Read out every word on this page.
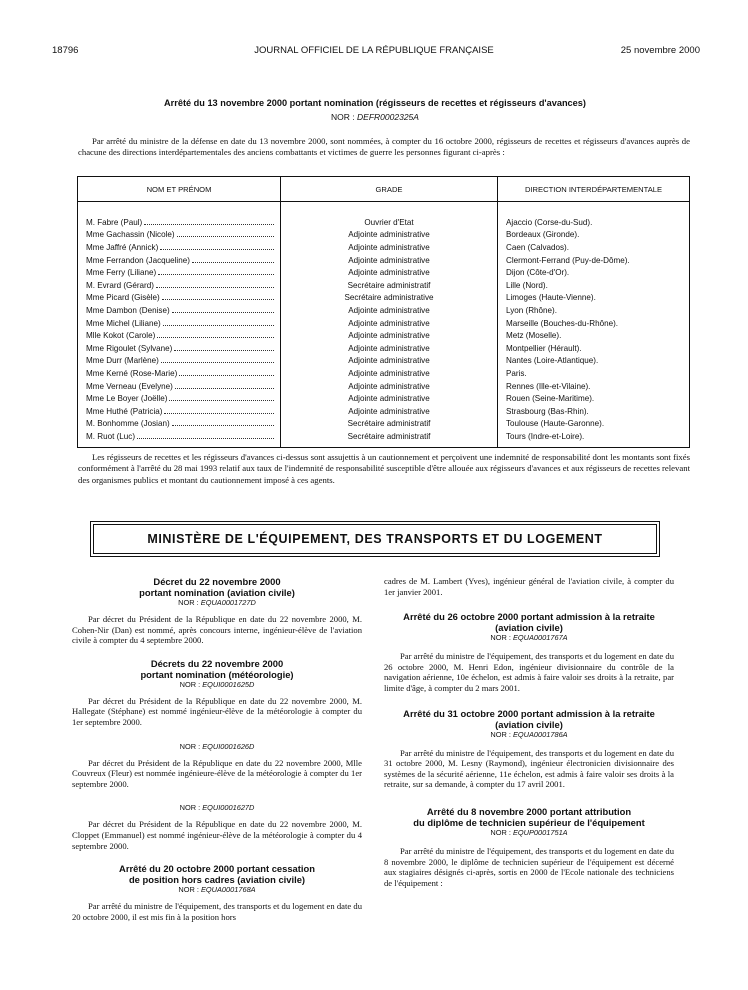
18796	JOURNAL OFFICIEL DE LA RÉPUBLIQUE FRANÇAISE	25 novembre 2000
Arrêté du 13 novembre 2000 portant nomination (régisseurs de recettes et régisseurs d'avances)
NOR : DEFR0002325A
Par arrêté du ministre de la défense en date du 13 novembre 2000, sont nommées, à compter du 16 octobre 2000, régisseurs de recettes et régisseurs d'avances auprès de chacune des directions interdépartementales des anciens combattants et victimes de guerre les personnes figurant ci-après :
NOM ET PRÉNOM	GRADE	DIRECTION INTERDÉPARTEMENTALE

M. Fabre (Paul)	Ouvrier d'Etat	Ajaccio (Corse-du-Sud).

Mme Gachassin (Nicole)	Adjointe administrative	Bordeaux (Gironde).

Mme Jaffré (Annick)	Adjointe administrative	Caen (Calvados).

Mme Ferrandon (Jacqueline)	Adjointe administrative	Clermont-Ferrand (Puy-de-Dôme).

Mme Ferry (Liliane)	Adjointe administrative	Dijon (Côte-d'Or).

M. Evrard (Gérard)	Secrétaire administratif	Lille (Nord).

Mme Picard (Gisèle)	Secrétaire administrative	Limoges (Haute-Vienne).

Mme Dambon (Denise)	Adjointe administrative	Lyon (Rhône).

Mme Michel (Liliane)	Adjointe administrative	Marseille (Bouches-du-Rhône).

Mlle Kokot (Carole)	Adjointe administrative	Metz (Moselle).

Mme Rigoulet (Sylvane)	Adjointe administrative	Montpellier (Hérault).

Mme Durr (Marlène)	Adjointe administrative	Nantes (Loire-Atlantique).

Mme Kerné (Rose-Marie)	Adjointe administrative	Paris.

Mme Verneau (Evelyne)	Adjointe administrative	Rennes (Ille-et-Vilaine).

Mme Le Boyer (Joëlle)	Adjointe administrative	Rouen (Seine-Maritime).

Mme Huthé (Patricia)	Adjointe administrative	Strasbourg (Bas-Rhin).

M. Bonhomme (Josian)	Secrétaire administratif	Toulouse (Haute-Garonne).

M. Ruot (Luc)	Secrétaire administratif	Tours (Indre-et-Loire).
Les régisseurs de recettes et les régisseurs d'avances ci-dessus sont assujettis à un cautionnement et perçoivent une indemnité de responsabilité dont les montants sont fixés conformément à l'arrêté du 28 mai 1993 relatif aux taux de l'indemnité de responsabilité susceptible d'être allouée aux régisseurs d'avances et aux régisseurs de recettes relevant des organismes publics et montant du cautionnement imposé à ces agents.
MINISTÈRE DE L'ÉQUIPEMENT, DES TRANSPORTS ET DU LOGEMENT
Décret du 22 novembre 2000
portant nomination (aviation civile)
NOR : EQUA0001727D
Par décret du Président de la République en date du 22 novembre 2000, M. Cohen-Nir (Dan) est nommé, après concours interne, ingénieur-élève de l'aviation civile à compter du 4 septembre 2000.
Décrets du 22 novembre 2000
portant nomination (météorologie)
NOR : EQUI0001625D
Par décret du Président de la République en date du 22 novembre 2000, M. Hallegate (Stéphane) est nommé ingénieur-élève de la météorologie à compter du 1er septembre 2000.
NOR : EQUI0001626D
Par décret du Président de la République en date du 22 novembre 2000, Mlle Couvreux (Fleur) est nommée ingénieure-élève de la météorologie à compter du 1er septembre 2000.
NOR : EQUI0001627D
Par décret du Président de la République en date du 22 novembre 2000, M. Cloppet (Emmanuel) est nommé ingénieur-élève de la météorologie à compter du 4 septembre 2000.
Arrêté du 20 octobre 2000 portant cessation
de position hors cadres (aviation civile)
NOR : EQUA0001768A
Par arrêté du ministre de l'équipement, des transports et du logement en date du 20 octobre 2000, il est mis fin à la position hors
cadres de M. Lambert (Yves), ingénieur général de l'aviation civile, à compter du 1er janvier 2001.
Arrêté du 26 octobre 2000 portant admission à la retraite
(aviation civile)
NOR : EQUA0001767A
Par arrêté du ministre de l'équipement, des transports et du logement en date du 26 octobre 2000, M. Henri Edon, ingénieur divisionnaire du contrôle de la navigation aérienne, 10e échelon, est admis à faire valoir ses droits à la retraite, par limite d'âge, à compter du 2 mars 2001.
Arrêté du 31 octobre 2000 portant admission à la retraite
(aviation civile)
NOR : EQUA0001786A
Par arrêté du ministre de l'équipement, des transports et du logement en date du 31 octobre 2000, M. Lesny (Raymond), ingénieur électronicien divisionnaire des systèmes de la sécurité aérienne, 11e échelon, est admis à faire valoir ses droits à la retraite, sur sa demande, à compter du 17 avril 2001.
Arrêté du 8 novembre 2000 portant attribution
du diplôme de technicien supérieur de l'équipement
NOR : EQUP0001751A
Par arrêté du ministre de l'équipement, des transports et du logement en date du 8 novembre 2000, le diplôme de technicien supérieur de l'équipement est décerné aux stagiaires désignés ci-après, sortis en 2000 de l'Ecole nationale des techniciens de l'équipement :
